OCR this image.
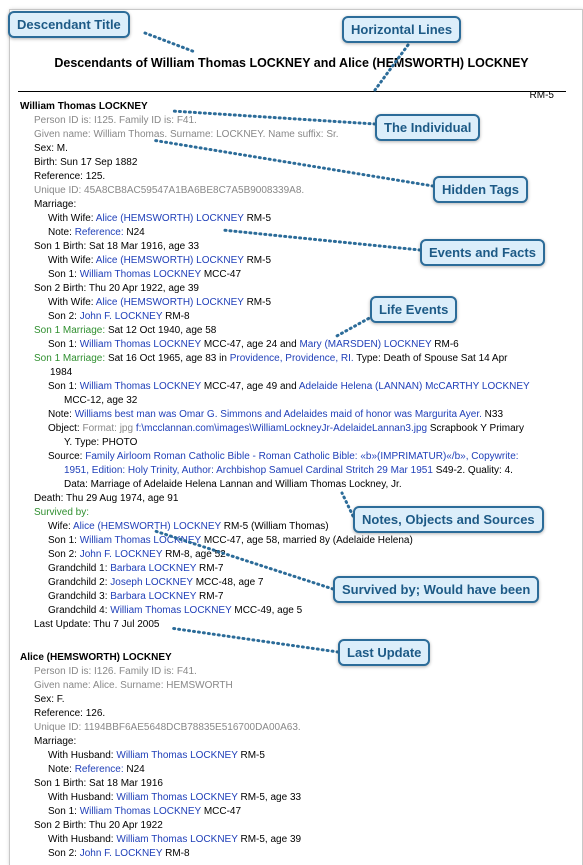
Descendants of William Thomas LOCKNEY and Alice (HEMSWORTH) LOCKNEY
RM-5
William Thomas LOCKNEY
Person ID is: I125. Family ID is: F41.
Given name: William Thomas. Surname: LOCKNEY. Name suffix: Sr.
Sex: M.
Birth: Sun 17 Sep 1882
Reference: 125.
Unique ID: 45A8CB8AC59547A1BA6BE8C7A5B9008339A8.
Marriage:
With Wife: Alice (HEMSWORTH) LOCKNEY RM-5
Note: Reference: N24
Son 1 Birth: Sat 18 Mar 1916, age 33
With Wife: Alice (HEMSWORTH) LOCKNEY RM-5
Son 1: William Thomas LOCKNEY MCC-47
Son 2 Birth: Thu 20 Apr 1922, age 39
With Wife: Alice (HEMSWORTH) LOCKNEY RM-5
Son 2: John F. LOCKNEY RM-8
Son 1 Marriage: Sat 12 Oct 1940, age 58
Son 1: William Thomas LOCKNEY MCC-47, age 24 and Mary (MARSDEN) LOCKNEY RM-6
Son 1 Marriage: Sat 16 Oct 1965, age 83 in Providence, Providence, RI. Type: Death of Spouse Sat 14 Apr
1984
Son 1: William Thomas LOCKNEY MCC-47, age 49 and Adelaide Helena (LANNAN) McCARTHY LOCKNEY
MCC-12, age 32
Note: Williams best man was Omar G. Simmons and Adelaides maid of honor was Margurita Ayer. N33
Object: Format: jpg f:\mcclannan.com\images\WilliamLockneyJr-AdelaideLannan3.jpg Scrapbook Y Primary
Y. Type: PHOTO
Source: Family Airloom Roman Catholic Bible - Roman Catholic Bible: «b»(IMPRIMATUR)«/b», Copywrite:
1951, Edition: Holy Trinity, Author: Archbishop Samuel Cardinal Stritch 29 Mar 1951 S49-2. Quality: 4.
Data: Marriage of Adelaide Helena Lannan and William Thomas Lockney, Jr.
Death: Thu 29 Aug 1974, age 91
Survived by:
Wife: Alice (HEMSWORTH) LOCKNEY RM-5 (William Thomas)
Son 1: William Thomas LOCKNEY MCC-47, age 58, married 8y (Adelaide Helena)
Son 2: John F. LOCKNEY RM-8, age 52
Grandchild 1: Barbara LOCKNEY RM-7
Grandchild 2: Joseph LOCKNEY MCC-48, age 7
Grandchild 3: Barbara LOCKNEY RM-7
Grandchild 4: William Thomas LOCKNEY MCC-49, age 5
Last Update: Thu 7 Jul 2005
Alice (HEMSWORTH) LOCKNEY
Person ID is: I126. Family ID is: F41.
Given name: Alice. Surname: HEMSWORTH
Sex: F.
Reference: 126.
Unique ID: 1194BBF6AE5648DCB78835E516700DA00A63.
Marriage:
With Husband: William Thomas LOCKNEY RM-5
Note: Reference: N24
Son 1 Birth: Sat 18 Mar 1916
With Husband: William Thomas LOCKNEY RM-5, age 33
Son 1: William Thomas LOCKNEY MCC-47
Son 2 Birth: Thu 20 Apr 1922
With Husband: William Thomas LOCKNEY RM-5, age 39
Son 2: John F. LOCKNEY RM-8
Descendant Title	Horizontal Lines
The Individual
Hidden Tags
Events and Facts
Life Events
Notes, Objects and Sources
Survived by; Would have been
Last Update
